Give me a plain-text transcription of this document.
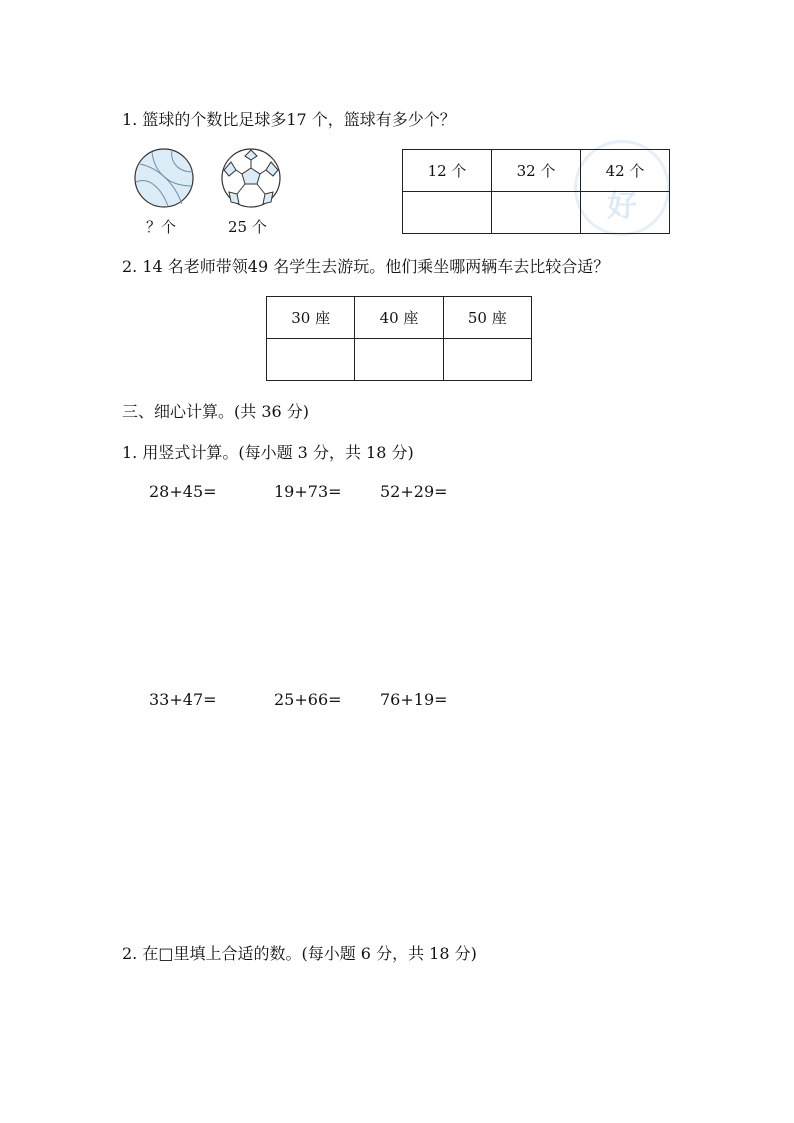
好
1. 篮球的个数比足球多17 个，篮球有多少个？
？个	25 个
12 个	32 个	42 个

2. 14 名老师带领49 名学生去游玩。他们乘坐哪两辆车去比较合适？
30 座	40 座	50 座

三、细心计算。(共 36 分)
1. 用竖式计算。(每小题 3 分，共 18 分)
28+45=	19+73= 52+29=
33+47=	25+66= 76+19=
2. 在□里填上合适的数。(每小题 6 分，共 18 分)
